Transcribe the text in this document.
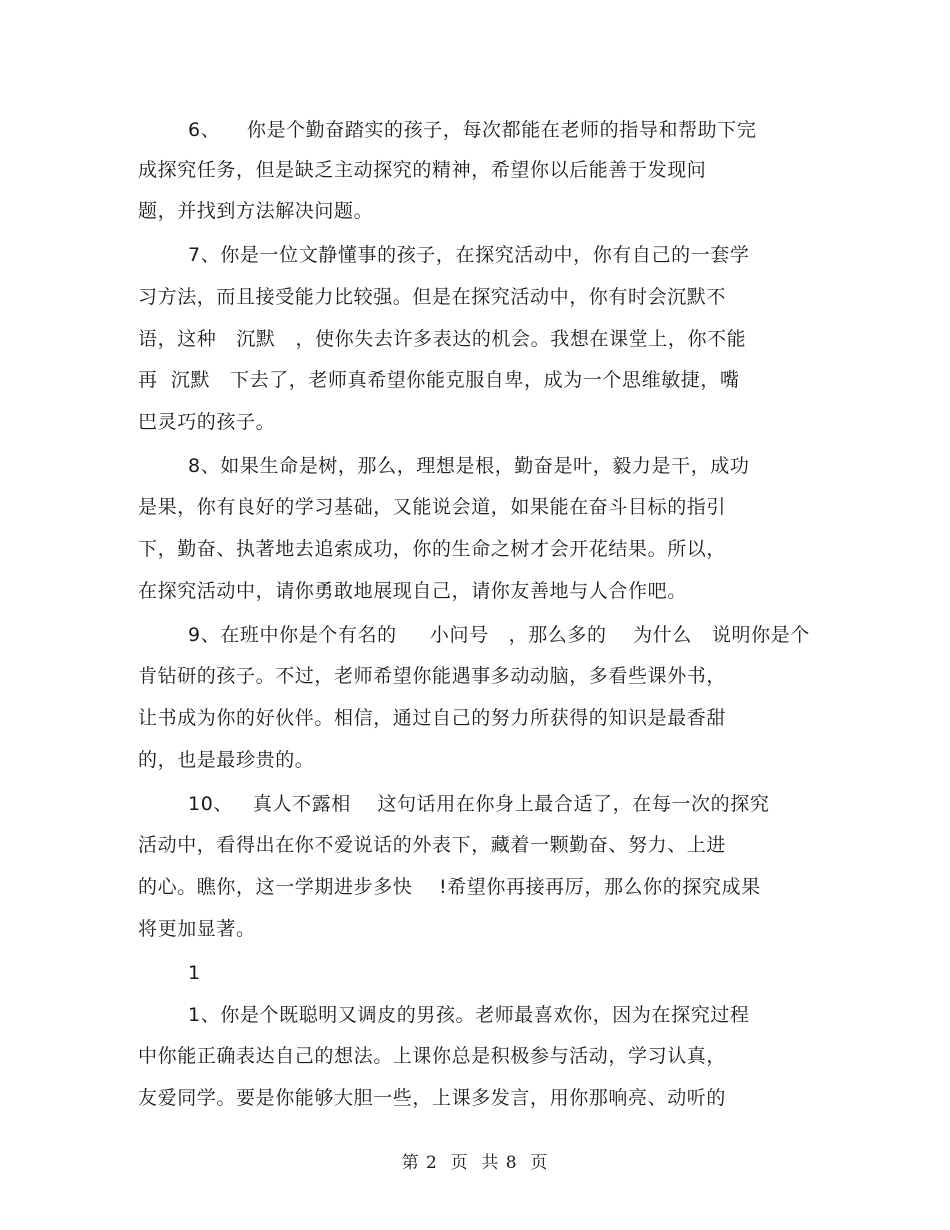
6、    你是个勤奋踏实的孩子，每次都能在老师的指导和帮助下完
成探究任务，但是缺乏主动探究的精神，希望你以后能善于发现问
题，并找到方法解决问题。
7、你是一位文静懂事的孩子，在探究活动中，你有自己的一套学
习方法，而且接受能力比较强。但是在探究活动中，你有时会沉默不
语，这种   沉默   ，使你失去许多表达的机会。我想在课堂上，你不能
再  沉默   下去了，老师真希望你能克服自卑，成为一个思维敏捷，嘴
巴灵巧的孩子。
8、如果生命是树，那么，理想是根，勤奋是叶，毅力是干，成功
是果，你有良好的学习基础，又能说会道，如果能在奋斗目标的指引
下，勤奋、执著地去追索成功，你的生命之树才会开花结果。所以，
在探究活动中，请你勇敢地展现自己，请你友善地与人合作吧。
9、在班中你是个有名的     小问号   ，那么多的    为什么   说明你是个
肯钻研的孩子。不过，老师希望你能遇事多动动脑，多看些课外书，
让书成为你的好伙伴。相信，通过自己的努力所获得的知识是最香甜
的，也是最珍贵的。
10、   真人不露相    这句话用在你身上最合适了，在每一次的探究
活动中，看得出在你不爱说话的外表下，藏着一颗勤奋、努力、上进
的心。瞧你，这一学期进步多快    !希望你再接再厉，那么你的探究成果
将更加显著。
1
1、你是个既聪明又调皮的男孩。老师最喜欢你，因为在探究过程
中你能正确表达自己的想法。上课你总是积极参与活动，学习认真，
友爱同学。要是你能够大胆一些，上课多发言，用你那响亮、动听的
第 2  页  共 8  页
